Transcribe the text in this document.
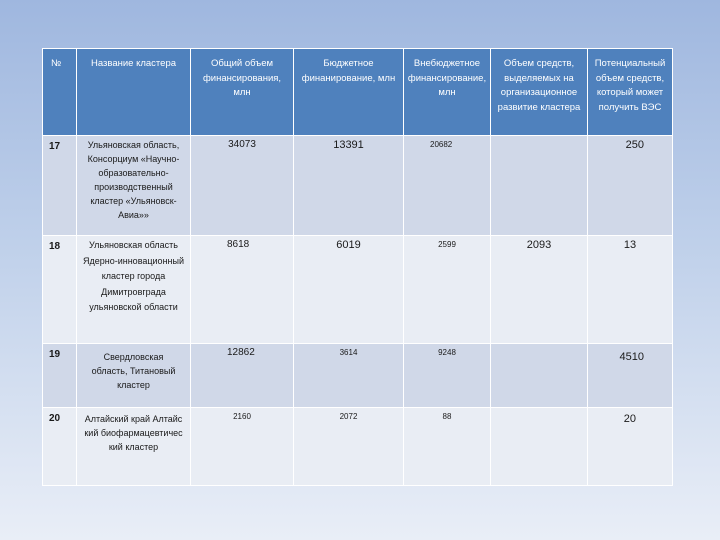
№	Название кластера	Общий объем финансирования, млн	Бюджетное финанирование, млн	Внебюджетное финансирование, млн	Объем средств, выделяемых на организационное развитие кластера	Потенциальный объем средств, который может получить ВЭС
17	Ульяновская область, Консорциум «Научно-образовательно-производственный кластер «Ульяновск-Авиа»»	34073	13391	20682		250
18	Ульяновская область Ядерно-инновационный кластер города Димитровграда ульяновской области	8618	6019	2599	2093	13
19	Свердловская область, Титановый кластер	12862	3614	9248		4510
20	Алтайский край Алтайский биофармацевтический кластер	2160	2072	88		20
